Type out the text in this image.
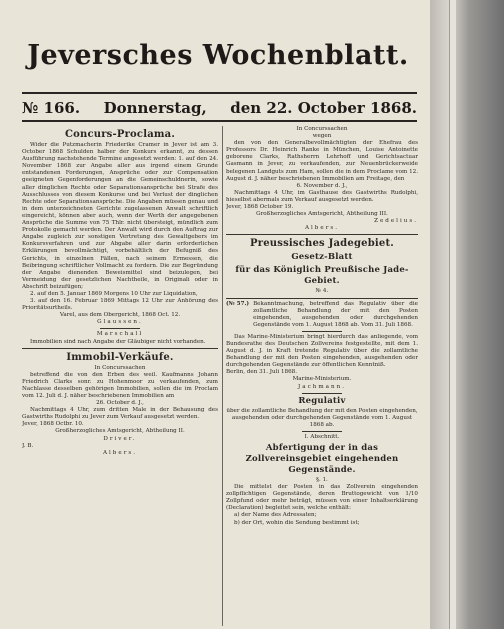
Jeversches Wochenblatt.
№ 166. Donnerstag, den 22. October 1868.
Concurs-Proclama.

Wider die Putzmacherin Friederike Cramer in Jever ist am 3. October 1868 Schulden halber der Konkurs erkannt, zu dessen Ausführung nachstehende Termine angesetzt werden: 1. auf den 24. November 1868 zur Angabe aller aus irgend einem Grunde entstandenen Forderungen, Ansprüche oder zur Compensation geeigneten Gegenforderungen an die Gemeinschuldnerin, sowie aller dinglichen Rechte oder Separationsansprüche bei Strafe des Ausschlusses von diesem Konkurse und bei Verlust der dinglichen Rechte oder Separationsansprüche. Die Angaben müssen genau und in dem unterzeichneten Gerichte zugelassenen Anwalt schriftlich eingereicht, können aber auch, wenn der Werth der angegebenen Ansprüche die Summe von 75 Thlr. nicht übersteigt, mündlich zum Protokolle gemacht werden. Der Anwalt wird durch den Auftrag zur Angabe zugleich zur sonstigen Vertretung des Gewaltgebers im Konkursverfahren und zur Abgabe aller darin erforderlichen Erklärungen bevollmächtigt, vorbehältlich der Befugniß des Gerichts, in einzelnen Fällen, nach seinem Ermessen, die Beibringung schriftlicher Vollmacht zu fordern. Die zur Begründung der Angabe dienenden Beweismittel sind beizulegen, bei Vermeidung der gesetzlichen Nachtheile, in Originali oder in Abschrift beizufügen;

2. auf den 5. Januar 1869 Morgens 10 Uhr zur Liquidation,

3. auf den 16. Februar 1869 Mittags 12 Uhr zur Anhörung des Prioritätsurtheils.

Varel, aus dem Obergericht, 1868 Oct. 12.

Glaussen.

Marschall

Immobilien sind nach Angabe der Gläubiger nicht vorhanden.

Immobil-Verkäufe.

In Concurssachen

betreffend die von den Erben des weil. Kaufmanns Johann Friedrich Clarks sonr. zu Hohenmoor zu verkaufenden, zum Nachlasse desselben gehörigen Immobilien, sollen die im Proclam vom 12. Juli d. J. näher beschriebenen Immobilien am

26. October d. J.,

Nachmittags 4 Uhr, zum dritten Male in der Behausung des Gastwirths Rudolphi zu Jever zum Verkauf ausgesetzt werden.

Jever, 1868 Octbr. 10.

Großherzogliches Amtsgericht, Abtheilung II.

Driver.

J. B.

Albers.

In Concurssachen

wegen

den von den Generalbevollmächtigten der Ehefrau des Professors Dr. Heinrich Ranke in München, Louise Antoinette geborene Clarks, Rathsherrn Lehrhoff und Gerichtsactuar Gasmann in Jever, zu verkaufenden, zur Neuenbrückerweide belegenen Landguts zum Ham, sollen die in dem Proclame vom 12. August d. J. näher beschriebenen Immobilien am Freitage, den

6. November d. J.,

Nachmittags 4 Uhr, im Gasthause des Gastwirths Rudolphi, hieselbst abermals zum Verkauf ausgesetzt werden.

Jever, 1868 October 19.

Großherzogliches Amtsgericht, Abtheilung III.

Zedelius.

Albers.

Preussisches Jadegebiet.
Gesetz-Blatt
für das Königlich Preußische Jade-Gebiet.

№ 4.

(№ 57.) Bekanntmachung, betreffend das Regulativ über die zollamtliche Behandlung der mit den Posten eingehenden, ausgehenden oder durchgehenden Gegenstände vom 1. August 1868 ab. Vom 31. Juli 1868.

Das Marine-Ministerium bringt hierdurch das anliegende, vom Bundesrathe des Deutschen Zollvereins festgestellte, mit dem 1. August d. J. in Kraft tretende Regulativ über die zollamtliche Behandlung der mit den Posten eingehenden, ausgehenden oder durchgehenden Gegenstände zur öffentlichen Kenntniß.

Berlin, den 31. Juli 1868.

Marine-Ministerium.

Jachmann.

Regulativ

über die zollamtliche Behandlung der mit den Posten eingehenden, ausgehenden oder durchgehenden Gegenstände vom 1. August 1868 ab.

I. Abschnitt.

Abfertigung der in das Zollvereinsgebiet eingehenden Gegenstände.

§. 1.

Die mittelst der Posten in das Zollverein eingehenden zollpflichtigen Gegenstände, deren Bruttogewicht von 1/10 Zollpfund oder mehr beträgt, müssen von einer Inhaltserklärung (Declaration) begleitet sein, welche enthält:

a) der Name des Adressaten;

b) der Ort, wohin die Sendung bestimmt ist;
